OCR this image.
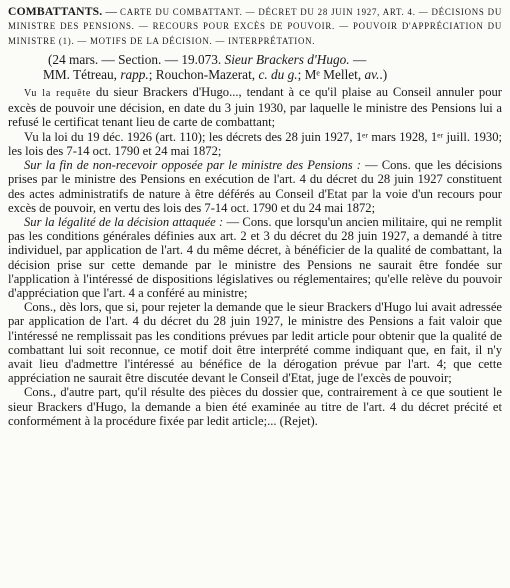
COMBATTANTS. — CARTE DU COMBATTANT. — DÉCRET DU 28 JUIN 1927, ART. 4. — DÉCISIONS DU MINISTRE DES PENSIONS. — RECOURS POUR EXCÈS DE POUVOIR. — POUVOIR D'APPRÉCIATION DU MINISTRE (1). — MOTIFS DE LA DÉCISION. — INTERPRÉTATION.

(24 mars. — Section. — 19.073. Sieur Brackers d'Hugo. —
MM. Tétreau, rapp.; Rouchon-Mazerat, c. du g.; Mᵉ Mellet, av..)

Vu la requête du sieur Brackers d'Hugo..., tendant à ce qu'il plaise au Conseil annuler pour excès de pouvoir une décision, en date du 3 juin 1930, par laquelle le ministre des Pensions lui a refusé le certificat tenant lieu de carte de combattant;

Vu la loi du 19 déc. 1926 (art. 110); les décrets des 28 juin 1927, 1ᵉʳ mars 1928, 1ᵉʳ juill. 1930; les lois des 7-14 oct. 1790 et 24 mai 1872;

Sur la fin de non-recevoir opposée par le ministre des Pensions : — Cons. que les décisions prises par le ministre des Pensions en exécution de l'art. 4 du décret du 28 juin 1927 constituent des actes administratifs de nature à être déférés au Conseil d'Etat par la voie d'un recours pour excès de pouvoir, en vertu des lois des 7-14 oct. 1790 et du 24 mai 1872;

Sur la légalité de la décision attaquée : — Cons. que lorsqu'un ancien militaire, qui ne remplit pas les conditions générales définies aux art. 2 et 3 du décret du 28 juin 1927, a demandé à titre individuel, par application de l'art. 4 du même décret, à bénéficier de la qualité de combattant, la décision prise sur cette demande par le ministre des Pensions ne saurait être fondée sur l'application à l'intéressé de dispositions législatives ou réglementaires; qu'elle relève du pouvoir d'appréciation que l'art. 4 a conféré au ministre;

Cons., dès lors, que si, pour rejeter la demande que le sieur Brackers d'Hugo lui avait adressée par application de l'art. 4 du décret du 28 juin 1927, le ministre des Pensions a fait valoir que l'intéressé ne remplissait pas les conditions prévues par ledit article pour obtenir que la qualité de combattant lui soit reconnue, ce motif doit être interprété comme indiquant que, en fait, il n'y avait lieu d'admettre l'intéressé au bénéfice de la dérogation prévue par l'art. 4; que cette appréciation ne saurait être discutée devant le Conseil d'Etat, juge de l'excès de pouvoir;

Cons., d'autre part, qu'il résulte des pièces du dossier que, contrairement à ce que soutient le sieur Brackers d'Hugo, la demande a bien été examinée au titre de l'art. 4 du décret précité et conformément à la procédure fixée par ledit article;... (Rejet).
